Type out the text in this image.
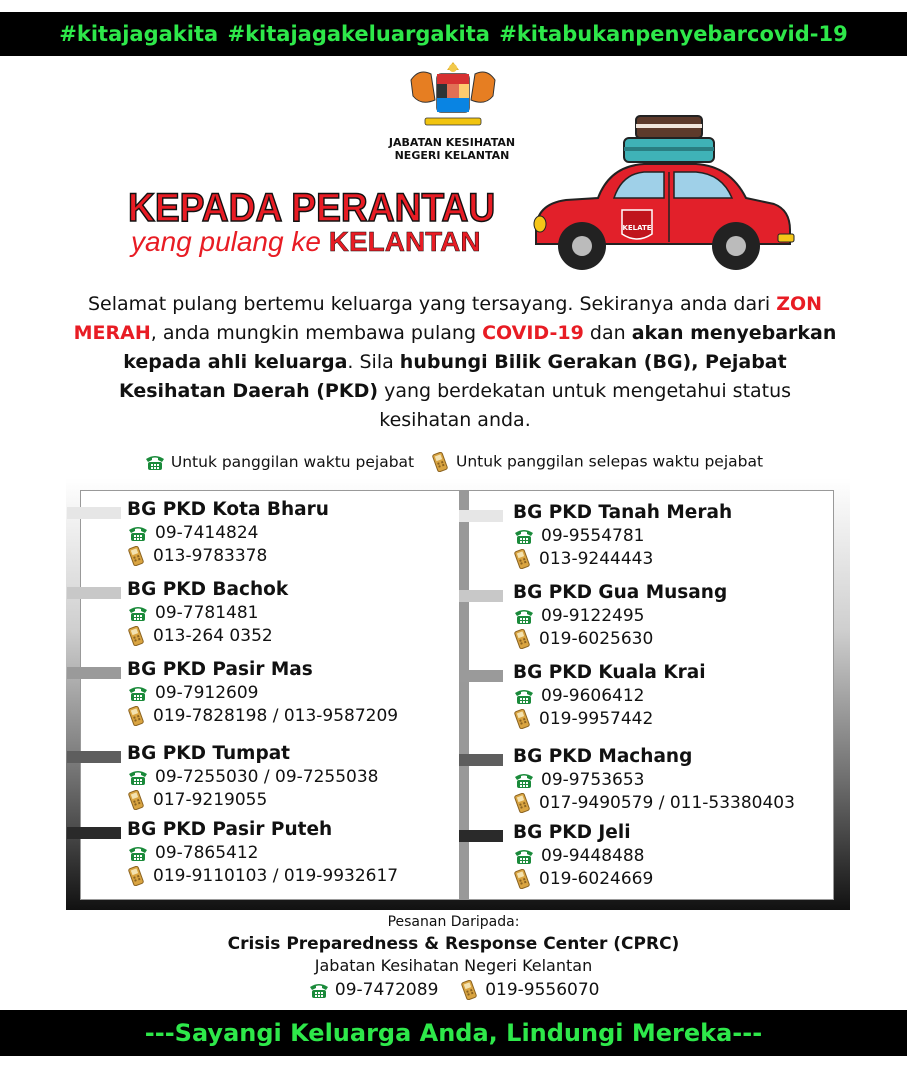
#kitajagakita #kitajagakeluargakita #kitabukanpenyebarcovid-19
JABATAN KESIHATAN
NEGERI KELANTAN
KEPADA PERANTAU
yang pulang ke KELANTAN	KELATE
Selamat pulang bertemu keluarga yang tersayang. Sekiranya anda dari ZON MERAH, anda mungkin membawa pulang COVID-19 dan akan menyebarkan kepada ahli keluarga. Sila hubungi Bilik Gerakan (BG), Pejabat Kesihatan Daerah (PKD) yang berdekatan untuk mengetahui status kesihatan anda.
Untuk panggilan waktu pejabat	Untuk panggilan selepas waktu pejabat
BG PKD Kota Bharu
09-7414824
013-9783378
BG PKD Bachok
09-7781481
013-264 0352
BG PKD Pasir Mas
09-7912609
019-7828198 / 013-9587209
BG PKD Tumpat
09-7255030 / 09-7255038
017-9219055
BG PKD Pasir Puteh
09-7865412
019-9110103 / 019-9932617
BG PKD Tanah Merah
09-9554781
013-9244443
BG PKD Gua Musang
09-9122495
019-6025630
BG PKD Kuala Krai
09-9606412
019-9957442
BG PKD Machang
09-9753653
017-9490579 / 011-53380403
BG PKD Jeli
09-9448488
019-6024669
Pesanan Daripada:
Crisis Preparedness & Response Center (CPRC)
Jabatan Kesihatan Negeri Kelantan
09-7472089	019-9556070
---Sayangi Keluarga Anda, Lindungi Mereka---
